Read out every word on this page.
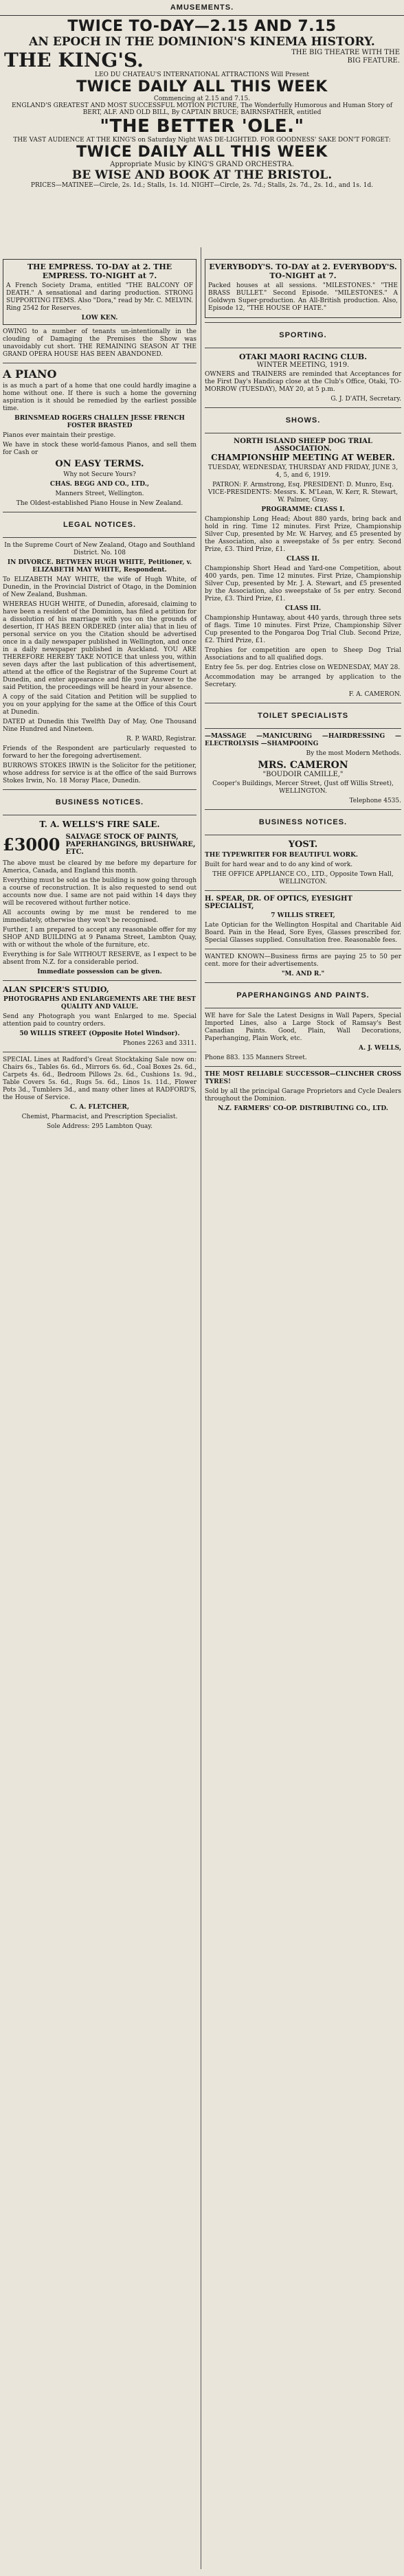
AMUSEMENTS.
TWICE TO-DAY—2.15 AND 7.15
AN EPOCH IN THE DOMINION'S KINEMA HISTORY.
THE KING'S.	THE BIG THEATRE WITH THE
BIG FEATURE.
LEO DU CHATEAU'S INTERNATIONAL ATTRACTIONS Will Present
TWICE DAILY ALL THIS WEEK
Commencing at 2.15 and 7.15.
ENGLAND'S GREATEST AND MOST SUCCESSFUL MOTION PICTURE, The Wonderfully Humorous and Human Story of BERT, ALF. AND OLD BILL, By CAPTAIN BRUCE; BAIRNSFATHER, entitled
"THE BETTER 'OLE."
THE VAST AUDIENCE AT THE KING'S on Saturday Night WAS DE-LIGHTED. FOR GOODNESS' SAKE DON'T FORGET:
TWICE DAILY ALL THIS WEEK
Appropriate Music by KING'S GRAND ORCHESTRA.
BE WISE AND BOOK AT THE BRISTOL.
PRICES—MATINEE—Circle, 2s. 1d.; Stalls, 1s. 1d. NIGHT—Circle, 2s. 7d.; Stalls, 2s. 7d., 2s. 1d., and 1s. 1d.
THE EMPRESS. TO-DAY at 2. THE EMPRESS. TO-NIGHT at 7.

A French Society Drama, entitled "THE BALCONY OF DEATH." A sensational and daring production. STRONG SUPPORTING ITEMS. Also "Dora," read by Mr. C. MELVIN. Ring 2542 for Reserves.

LOW KEN.

OWING to a number of tenants un-intentionally in the clouding of Damaging the Premises the Show was unavoidably cut short. THE REMAINING SEASON AT THE GRAND OPERA HOUSE HAS BEEN ABANDONED.

A PIANO

is as much a part of a home that one could hardly imagine a home without one. If there is such a home the governing aspiration is it should be remedied by the earliest possible time.

BRINSMEAD ROGERS CHALLEN JESSE FRENCH FOSTER BRASTED

Pianos ever maintain their prestige.

We have in stock these world-famous Pianos, and sell them for Cash or

ON EASY TERMS.

Why not Secure Yours?

CHAS. BEGG AND CO., LTD.,

Manners Street, Wellington.

The Oldest-established Piano House in New Zealand.

LEGAL NOTICES.

In the Supreme Court of New Zealand, Otago and Southland District. No. 108

IN DIVORCE. BETWEEN HUGH WHITE, Petitioner, v. ELIZABETH MAY WHITE, Respondent.

To ELIZABETH MAY WHITE, the wife of Hugh White, of Dunedin, in the Provincial District of Otago, in the Dominion of New Zealand, Bushman.

WHEREAS HUGH WHITE, of Dunedin, aforesaid, claiming to have been a resident of the Dominion, has filed a petition for a dissolution of his marriage with you on the grounds of desertion, IT HAS BEEN ORDERED (inter alia) that in lieu of personal service on you the Citation should be advertised once in a daily newspaper published in Wellington, and once in a daily newspaper published in Auckland. YOU ARE THEREFORE HEREBY TAKE NOTICE that unless you, within seven days after the last publication of this advertisement, attend at the office of the Registrar of the Supreme Court at Dunedin, and enter appearance and file your Answer to the said Petition, the proceedings will be heard in your absence.

A copy of the said Citation and Petition will be supplied to you on your applying for the same at the Office of this Court at Dunedin.

DATED at Dunedin this Twelfth Day of May, One Thousand Nine Hundred and Nineteen.

R. P. WARD, Registrar.

Friends of the Respondent are particularly requested to forward to her the foregoing advertisement.

BURROWS STOKES IRWIN is the Solicitor for the petitioner, whose address for service is at the office of the said Burrows Stokes Irwin, No. 18 Moray Place, Dunedin.

BUSINESS NOTICES.
T. A. WELLS'S FIRE SALE.
£3000 SALVAGE STOCK OF PAINTS, PAPERHANGINGS, BRUSHWARE, ETC.

The above must be cleared by me before my departure for America, Canada, and England this month.

Everything must be sold as the building is now going through a course of reconstruction. It is also requested to send out accounts now due. I same are not paid within 14 days they will be recovered without further notice.

All accounts owing by me must be rendered to me immediately, otherwise they won't be recognised.

Further, I am prepared to accept any reasonable offer for my SHOP AND BUILDING at 9 Panama Street, Lambton Quay, with or without the whole of the furniture, etc.

Everything is for Sale WITHOUT RESERVE, as I expect to be absent from N.Z. for a considerable period.

Immediate possession can be given.

ALAN SPICER'S STUDIO,

PHOTOGRAPHS AND ENLARGEMENTS ARE THE BEST QUALITY AND VALUE.

Send any Photograph you want Enlarged to me. Special attention paid to country orders.

50 WILLIS STREET (Opposite Hotel Windsor).

Phones 2263 and 3311.

SPECIAL Lines at Radford's Great Stocktaking Sale now on: Chairs 6s., Tables 6s. 6d., Mirrors 6s. 6d., Coal Boxes 2s. 6d., Carpets 4s. 6d., Bedroom Pillows 2s. 6d., Cushions 1s. 9d., Table Covers 5s. 6d., Rugs 5s. 6d., Linos 1s. 11d., Flower Pots 3d., Tumblers 3d., and many other lines at RADFORD'S, the House of Service.

C. A. FLETCHER,

Chemist, Pharmacist, and Prescription Specialist.

Sole Address: 295 Lambton Quay.

EVERYBODY'S. TO-DAY at 2. EVERYBODY'S. TO-NIGHT at 7.

Packed houses at all sessions. "MILESTONES." "THE BRASS BULLET." Second Episode. "MILESTONES." A Goldwyn Super-production. An All-British production. Also, Episode 12, "THE HOUSE OF HATE."

SPORTING.
OTAKI MAORI RACING CLUB.
WINTER MEETING, 1919.

OWNERS and TRAINERS are reminded that Acceptances for the First Day's Handicap close at the Club's Office, Otaki, TO-MORROW (TUESDAY), MAY 20, at 5 p.m.

G. J. D'ATH, Secretary.

SHOWS.
NORTH ISLAND SHEEP DOG TRIAL ASSOCIATION.
CHAMPIONSHIP MEETING AT WEBER.

TUESDAY, WEDNESDAY, THURSDAY AND FRIDAY, JUNE 3, 4, 5, and 6, 1919.

PATRON: F. Armstrong, Esq. PRESIDENT: D. Munro, Esq. VICE-PRESIDENTS: Messrs. K. M'Lean, W. Kerr, R. Stewart, W. Palmer, Gray.

PROGRAMME: CLASS I.

Championship Long Head; About 880 yards, bring back and hold in ring. Time 12 minutes. First Prize, Championship Silver Cup, presented by Mr. W. Harvey, and £5 presented by the Association, also a sweepstake of 5s per entry. Second Prize, £3. Third Prize, £1.

CLASS II.

Championship Short Head and Yard-one Competition, about 400 yards, pen. Time 12 minutes. First Prize, Championship Silver Cup, presented by Mr. J. A. Stewart, and £5 presented by the Association, also sweepstake of 5s per entry. Second Prize, £3. Third Prize, £1.

CLASS III.

Championship Huntaway, about 440 yards, through three sets of flags. Time 10 minutes. First Prize, Championship Silver Cup presented to the Pongaroa Dog Trial Club. Second Prize, £2. Third Prize, £1.

Trophies for competition are open to Sheep Dog Trial Associations and to all qualified dogs.

Entry fee 5s. per dog. Entries close on WEDNESDAY, MAY 28.

Accommodation may be arranged by application to the Secretary.

F. A. CAMERON.

TOILET SPECIALISTS

—MASSAGE —MANICURING —HAIRDRESSING —ELECTROLYSIS —SHAMPOOING

By the most Modern Methods.

MRS. CAMERON
"BOUDOIR CAMILLE,"

Cooper's Buildings, Mercer Street, (Just off Willis Street), WELLINGTON.

Telephone 4535.

BUSINESS NOTICES.
YOST.

THE TYPEWRITER FOR BEAUTIFUL WORK.

Built for hard wear and to do any kind of work.

THE OFFICE APPLIANCE CO., LTD., Opposite Town Hall, WELLINGTON.

H. SPEAR, DR. OF OPTICS, EYESIGHT SPECIALIST,

7 WILLIS STREET,

Late Optician for the Wellington Hospital and Charitable Aid Board. Pain in the Head, Sore Eyes, Glasses prescribed for. Special Glasses supplied. Consultation free. Reasonable fees.

WANTED KNOWN—Business firms are paying 25 to 50 per cent. more for their advertisements.

"M. AND R."

PAPERHANGINGS AND PAINTS.

WE have for Sale the Latest Designs in Wall Papers, Special Imported Lines, also a Large Stock of Ramsay's Best Canadian Paints. Good, Plain, Wall Decorations, Paperhanging, Plain Work, etc.

A. J. WELLS,

Phone 883. 135 Manners Street.

THE MOST RELIABLE SUCCESSOR—CLINCHER CROSS TYRES!

Sold by all the principal Garage Proprietors and Cycle Dealers throughout the Dominion.

N.Z. FARMERS' CO-OP. DISTRIBUTING CO., LTD.
